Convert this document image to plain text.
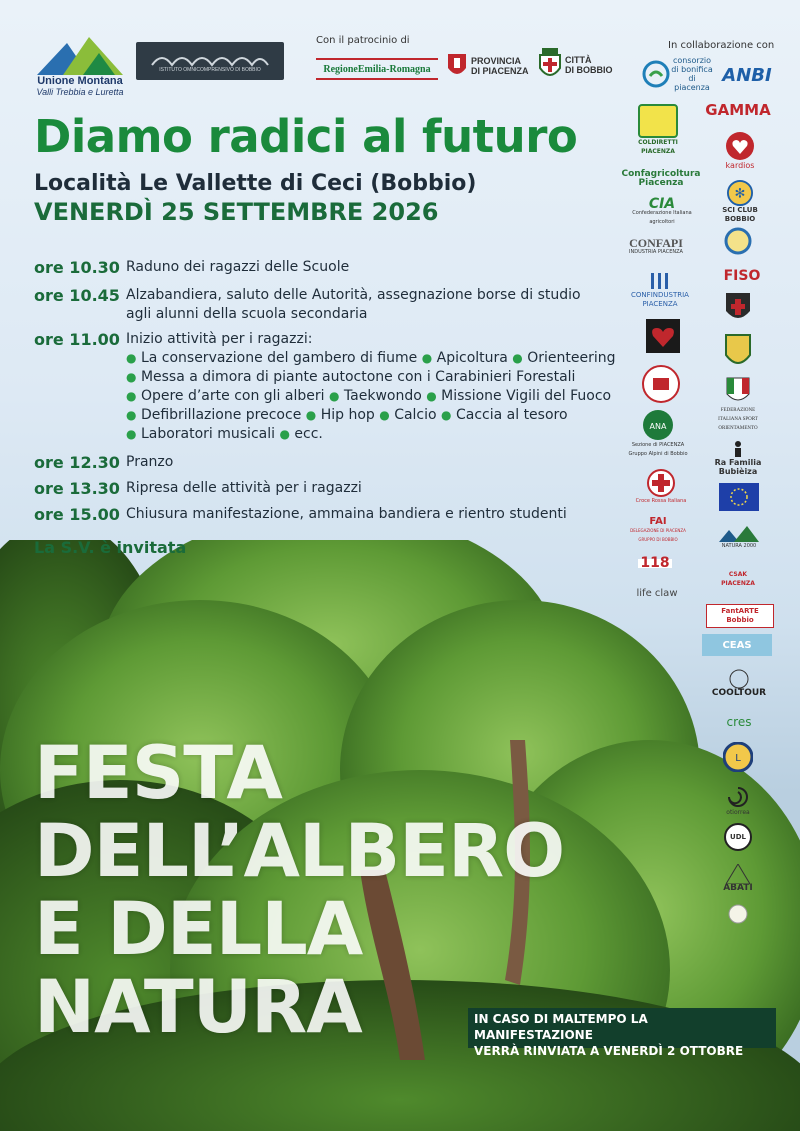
Unione Montana
Valli Trebbia e Luretta
ISTITUTO OMNICOMPRENSIVO DI BOBBIO
Con il patrocinio di
RegioneEmilia-Romagna
PROVINCIA
DI PIACENZA
CITTÀ
DI BOBBIO
In collaborazione con
Diamo radici al futuro
Località Le Vallette di Ceci (Bobbio)
VENERDÌ 25 SETTEMBRE 2026
ore 10.30 Raduno dei ragazzi delle Scuole
ore 10.45 Alzabandiera, saluto delle Autorità, assegnazione borse di studio
agli alunni della scuola secondaria
ore 11.00 Inizio attività per i ragazzi:
● La conservazione del gambero di fiume ● Apicoltura ● Orienteering
● Messa a dimora di piante autoctone con i Carabinieri Forestali
● Opere d’arte con gli alberi ● Taekwondo ● Missione Vigili del Fuoco
● Defibrillazione precoce ● Hip hop ● Calcio ● Caccia al tesoro
● Laboratori musicali ● ecc.
ore 12.30 Pranzo
ore 13.30 Ripresa delle attività per i ragazzi
ore 15.00 Chiusura manifestazione, ammaina bandiera e rientro studenti
La S.V. è invitata
FESTA
DELL’ALBERO
E DELLA
NATURA	IN CASO DI MALTEMPO LA MANIFESTAZIONE
VERRÀ RINVIATA A VENERDÌ 2 OTTOBRE
consorzio di bonifica di piacenza
ANBI
COLDIRETTI PIACENZA
GAMMA
kardios
Confagricoltura Piacenza
✻
SCI CLUB BOBBIO
CIA
Confederazione Italiana agricoltori
CONFAPI
INDUSTRIA PIACENZA
FISO
CONFINDUSTRIA PIACENZA
FEDERAZIONE ITALIANA SPORT ORIENTAMENTO
ANA
Sezione di PIACENZA Gruppo Alpini di Bobbio
Ra Familia Bubièiza
Croce Rossa Italiana
FAI
DELEGAZIONE DI PIACENZA GRUPPO DI BOBBIO
NATURA 2000
118
CSAK PIACENZA
life claw
FantARTE Bobbio
CEAS
COOLTOUR
cres
L
otiorrea
UDL
ABATI
